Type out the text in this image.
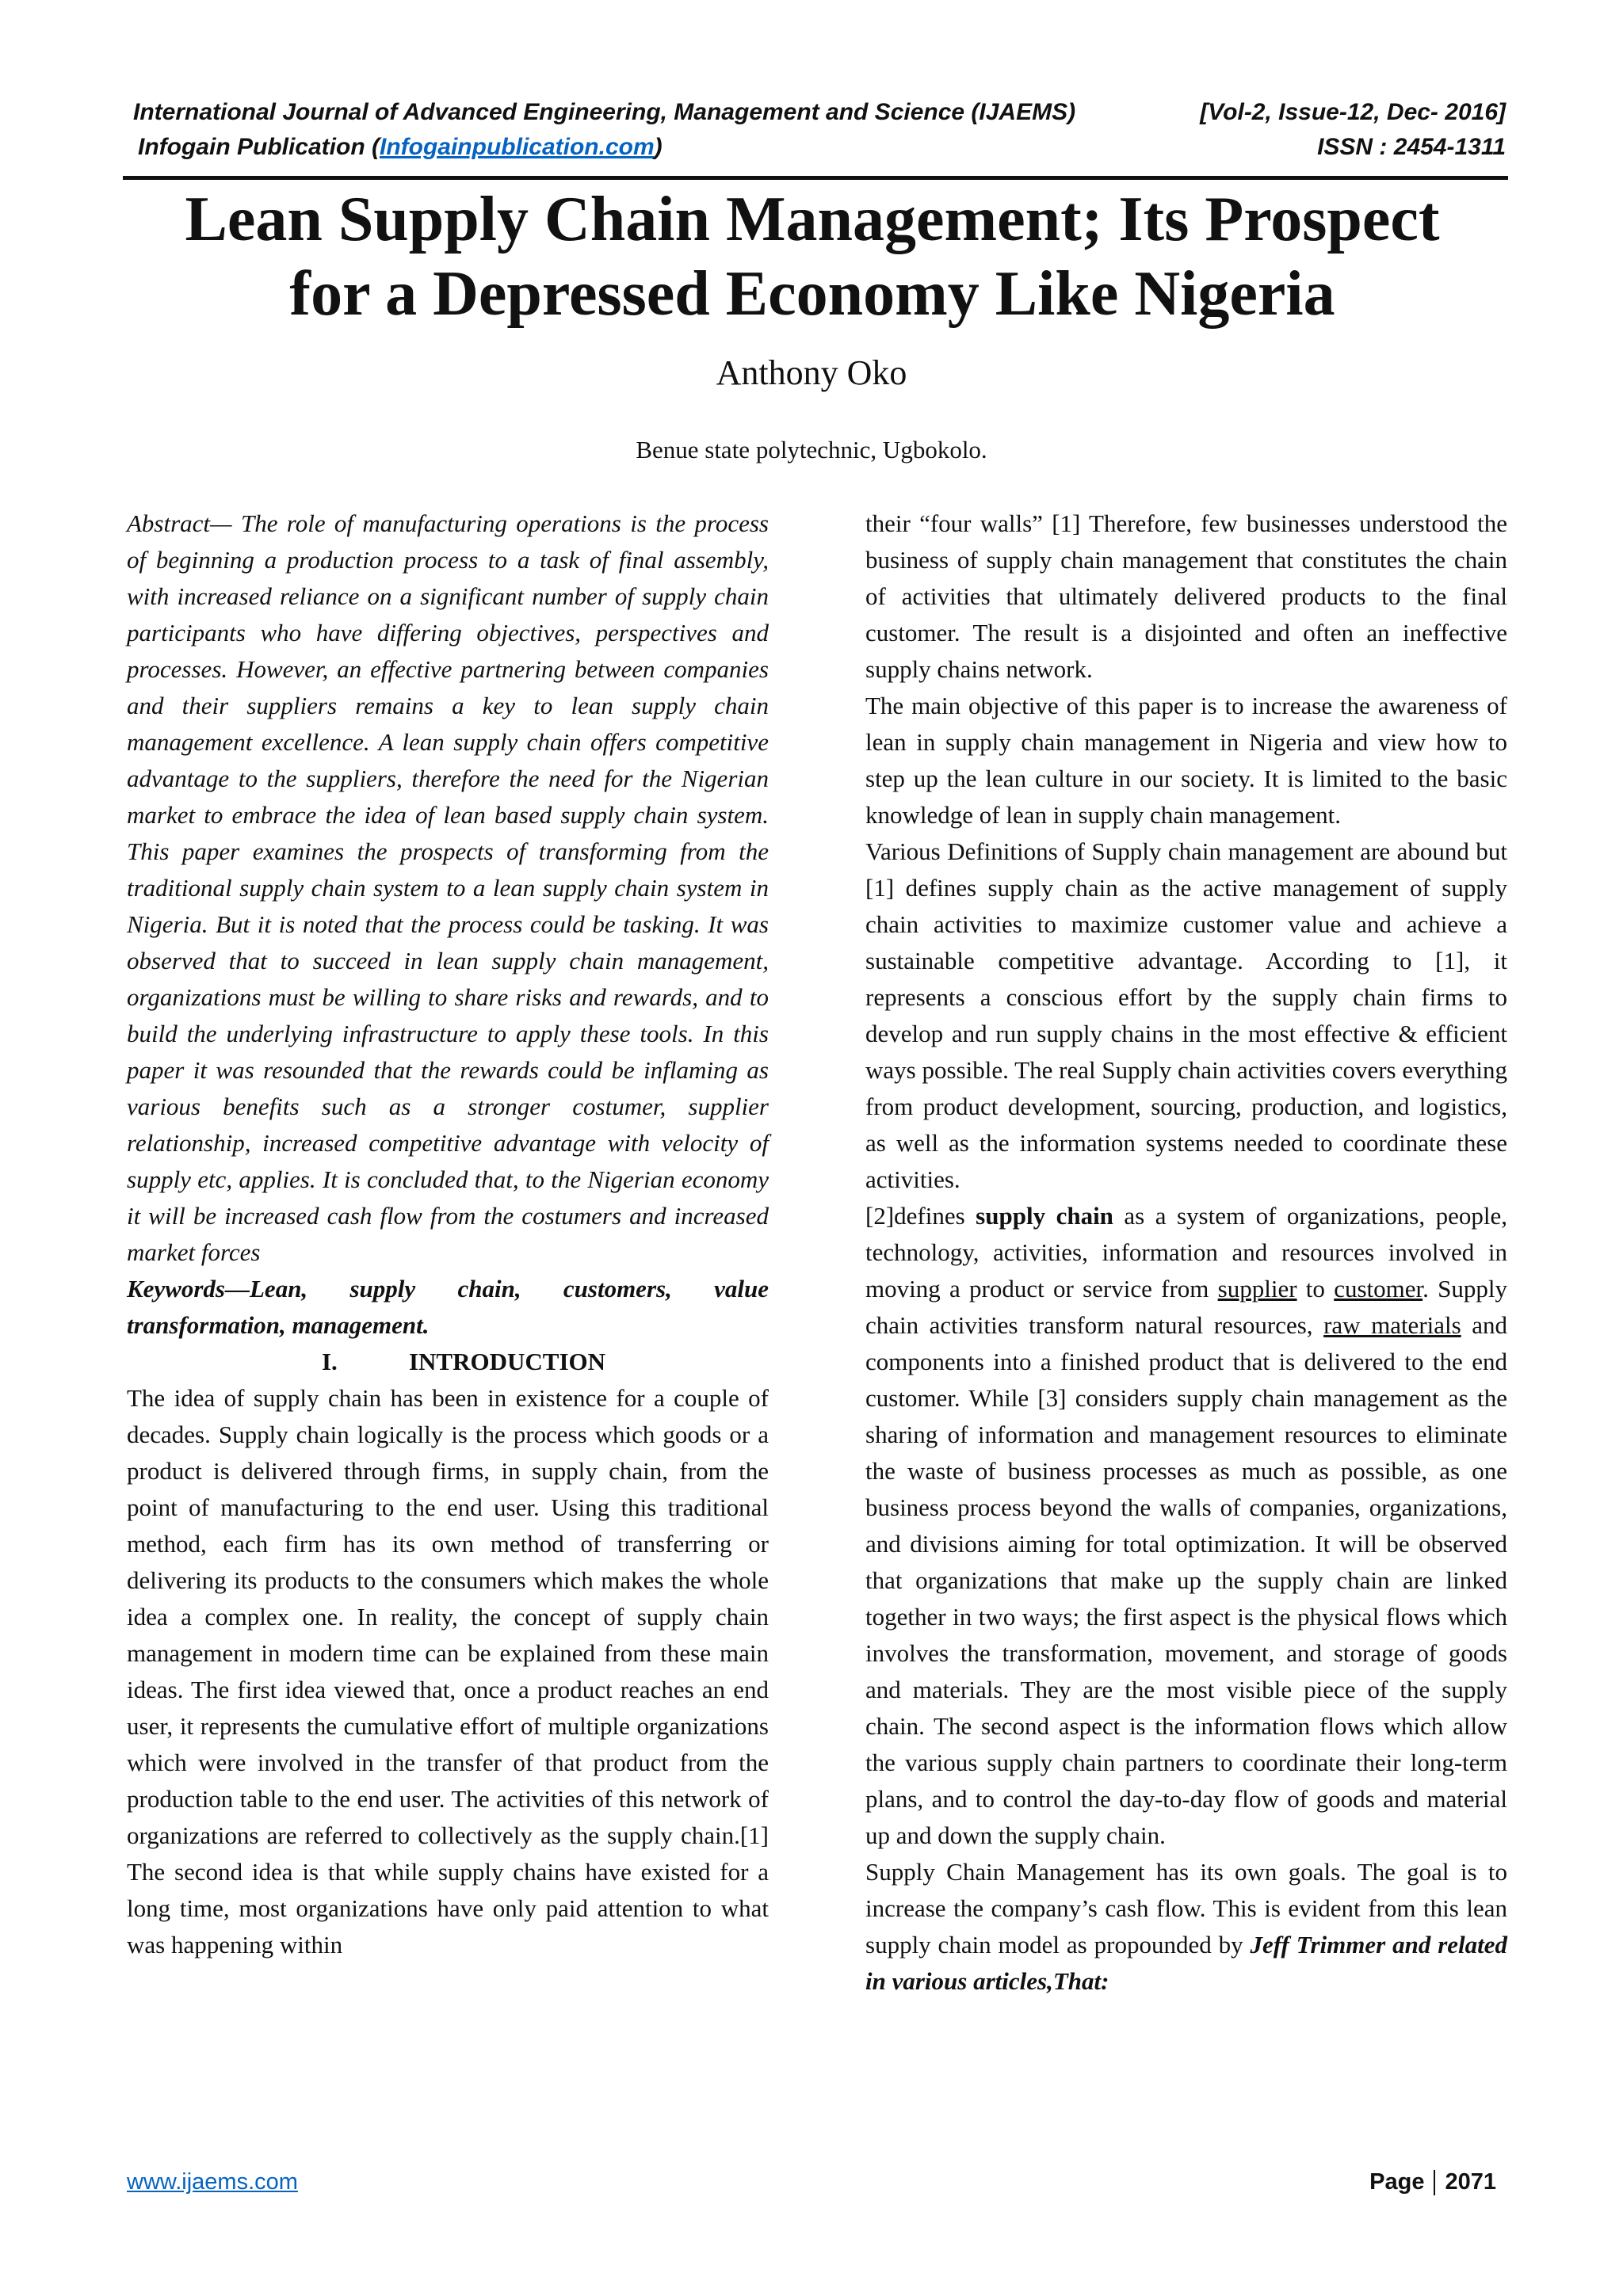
International Journal of Advanced Engineering, Management and Science (IJAEMS)	[Vol-2, Issue-12, Dec- 2016]
Infogain Publication (Infogainpublication.com)	ISSN : 2454-1311
Lean Supply Chain Management; Its Prospect
for a Depressed Economy Like Nigeria
Anthony Oko
Benue state polytechnic, Ugbokolo.

Abstract— The role of manufacturing operations is the process of beginning a production process to a task of final assembly, with increased reliance on a significant number of supply chain participants who have differing objectives, perspectives and processes. However, an effective partnering between companies and their suppliers remains a key to lean supply chain management excellence. A lean supply chain offers competitive advantage to the suppliers, therefore the need for the Nigerian market to embrace the idea of lean based supply chain system. This paper examines the prospects of transforming from the traditional supply chain system to a lean supply chain system in Nigeria. But it is noted that the process could be tasking. It was observed that to succeed in lean supply chain management, organizations must be willing to share risks and rewards, and to build the underlying infrastructure to apply these tools. In this paper it was resounded that the rewards could be inflaming as various benefits such as a stronger costumer, supplier relationship, increased competitive advantage with velocity of supply etc, applies. It is concluded that, to the Nigerian economy it will be increased cash flow from the costumers and increased market forces

Keywords—Lean, supply chain, customers, value transformation, management.

I.	INTRODUCTION

The idea of supply chain has been in existence for a couple of decades. Supply chain logically is the process which goods or a product is delivered through firms, in supply chain, from the point of manufacturing to the end user. Using this traditional method, each firm has its own method of transferring or delivering its products to the consumers which makes the whole idea a complex one. In reality, the concept of supply chain management in modern time can be explained from these main ideas. The first idea viewed that, once a product reaches an end user, it represents the cumulative effort of multiple organizations which were involved in the transfer of that product from the production table to the end user. The activities of this network of organizations are referred to collectively as the supply chain.[1] The second idea is that while supply chains have existed for a long time, most organizations have only paid attention to what was happening within

their “four walls” [1] Therefore, few businesses understood the business of supply chain management that constitutes the chain of activities that ultimately delivered products to the final customer. The result is a disjointed and often an ineffective supply chains network.

The main objective of this paper is to increase the awareness of lean in supply chain management in Nigeria and view how to step up the lean culture in our society. It is limited to the basic knowledge of lean in supply chain management.

Various Definitions of Supply chain management are abound but [1] defines supply chain as the active management of supply chain activities to maximize customer value and achieve a sustainable competitive advantage. According to [1], it represents a conscious effort by the supply chain firms to develop and run supply chains in the most effective & efficient ways possible. The real Supply chain activities covers everything from product development, sourcing, production, and logistics, as well as the information systems needed to coordinate these activities.

[2]defines supply chain as a system of organizations, people, technology, activities, information and resources involved in moving a product or service from supplier to customer. Supply chain activities transform natural resources, raw materials and components into a finished product that is delivered to the end customer. While [3] considers supply chain management as the sharing of information and management resources to eliminate the waste of business processes as much as possible, as one business process beyond the walls of companies, organizations, and divisions aiming for total optimization. It will be observed that organizations that make up the supply chain are linked together in two ways; the first aspect is the physical flows which involves the transformation, movement, and storage of goods and materials. They are the most visible piece of the supply chain. The second aspect is the information flows which allow the various supply chain partners to coordinate their long-term plans, and to control the day-to-day flow of goods and material up and down the supply chain.

Supply Chain Management has its own goals. The goal is to increase the company’s cash flow. This is evident from this lean supply chain model as propounded by Jeff Trimmer and related in various articles,That:

www.ijaems.com	Page 2071
